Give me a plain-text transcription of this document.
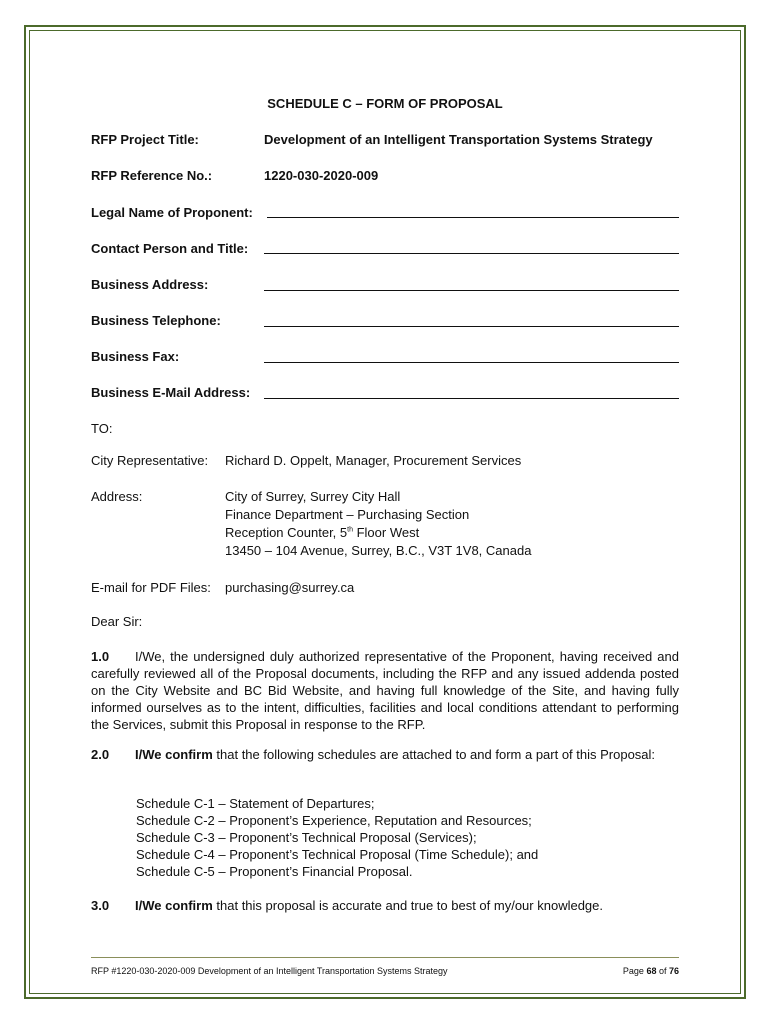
SCHEDULE C – FORM OF PROPOSAL
RFP Project Title:	Development of an Intelligent Transportation Systems Strategy
RFP Reference No.:	1220-030-2020-009
Legal Name of Proponent:
Contact Person and Title:
Business Address:
Business Telephone:
Business Fax:
Business E-Mail Address:
TO:
City Representative: Richard D. Oppelt, Manager, Procurement Services
Address:	City of Surrey, Surrey City Hall
Finance Department – Purchasing Section
Reception Counter, 5th Floor West
13450 – 104 Avenue, Surrey, B.C., V3T 1V8, Canada
E-mail for PDF Files: purchasing@surrey.ca
Dear Sir:
1.0 I/We, the undersigned duly authorized representative of the Proponent, having received and carefully reviewed all of the Proposal documents, including the RFP and any issued addenda posted on the City Website and BC Bid Website, and having full knowledge of the Site, and having fully informed ourselves as to the intent, difficulties, facilities and local conditions attendant to performing the Services, submit this Proposal in response to the RFP.
2.0 I/We confirm that the following schedules are attached to and form a part of this Proposal:
Schedule C-1 – Statement of Departures;
Schedule C-2 – Proponent’s Experience, Reputation and Resources;
Schedule C-3 – Proponent’s Technical Proposal (Services);
Schedule C-4 – Proponent’s Technical Proposal (Time Schedule); and
Schedule C-5 – Proponent’s Financial Proposal.
3.0 I/We confirm that this proposal is accurate and true to best of my/our knowledge.
RFP #1220-030-2020-009 Development of an Intelligent Transportation Systems Strategy	Page 68 of 76
